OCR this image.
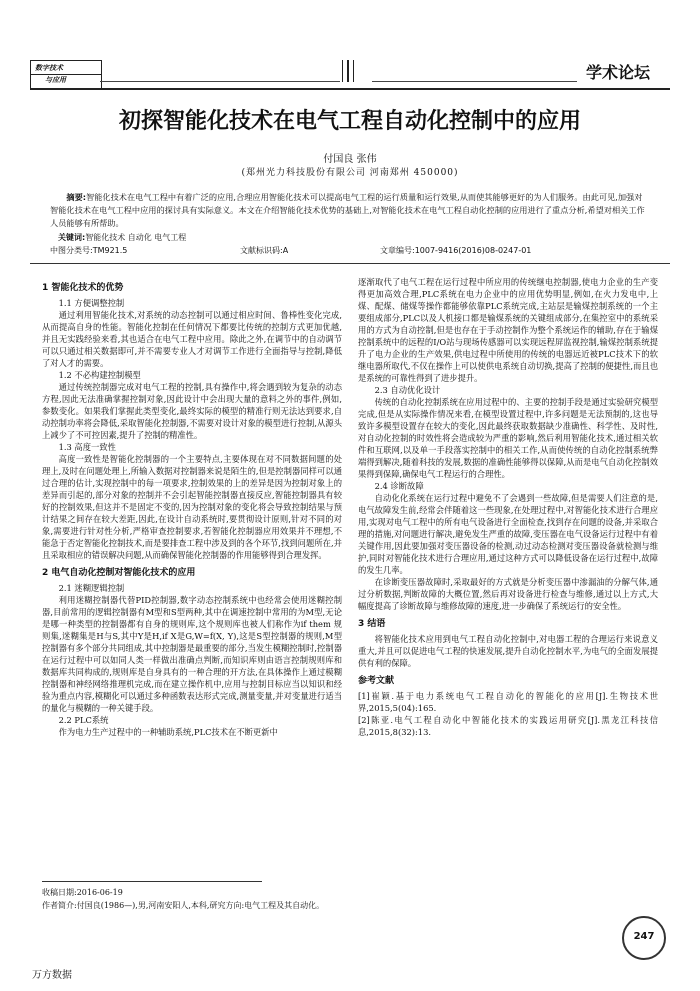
数字技术
与应用	学术论坛
初探智能化技术在电气工程自动化控制中的应用
付国良 张伟
(郑州光力科技股份有限公司 河南郑州 450000)
摘要:智能化技术在电气工程中有着广泛的应用,合理应用智能化技术可以提高电气工程的运行质量和运行效果,从而使其能够更好的为人们服务。由此可见,加强对智能化技术在电气工程中应用的探讨具有实际意义。本文在介绍智能化技术优势的基础上,对智能化技术在电气工程自动化控制的应用进行了重点分析,希望对相关工作人员能够有所帮助。
关键词:智能化技术 自动化 电气工程
中图分类号:TM921.5	文献标识码:A	文章编号:1007-9416(2016)08-0247-01

1 智能化技术的优势

1.1 方便调整控制

通过利用智能化技术,对系统的动态控制可以通过相应时间、鲁棒性变化完成,从而提高自身的性能。智能化控制在任何情况下都要比传统的控制方式更加优越,并且无实践经验来看,其也适合在电气工程中应用。除此之外,在调节中的自动调节可以只通过相关数据即可,并不需要专业人才对调节工作进行全面指导与控制,降低了对人才的需要。

1.2 不必构建控制模型

通过传统控制器完成对电气工程的控制,具有操作中,将会遇到较为复杂的动态方程,因此无法准确掌握控制对象,因此设计中会出现大量的意料之外的事件,例如,参数变化。如果我们掌握此类型变化,最终实际的模型的精准行则无法达到要求,自动控制功率将会降低,采取智能化控制器,不需要对设计对象的模型进行控制,从源头上减少了不可控因素,提升了控制的精准性。

1.3 高度一致性

高度一致性是智能化控制器的一个主要特点,主要体现在对不同数据间题的处理上,及时在问题处理上,所输入数据对控制器来说是陌生的,但是控制器同样可以通过合理的估计,实现控制中的每一项要求,控制效果的上的差异是因为控制对象上的差异而引起的,部分对象的控制并不会引起智能控制器直接反应,智能控制器具有较好的控制效果,但这并不是固定不变的,因为控制对象的变化将会导致控制结果与预计结果之间存在较大差距,因此,在设计自动系统时,要贯彻设计原则,针对不同的对象,需要进行针对性分析,严格审查控制要求,若智能化控制器应用效果并不理想,不能急于否定智能化控制技术,而是要排查工程中涉及到的各个环节,找到问题所在,并且采取相应的错误解决问题,从而确保智能化控制器的作用能够得到合理发挥。

2 电气自动化控制对智能化技术的应用

2.1 迷糊逻辑控制

利用迷糊控制器代替PID控制器,数字动态控制系统中也经常会使用迷糊控制器,目前常用的逻辑控制器有M型和S型两种,其中在调速控制中常用的为M型,无论是哪一种类型的控制器都有自身的规则库,这个规则库也被人们称作为if them 规则集,迷糊集是H与S,其中Y是H,if X是G,W=f(X, Y),这是S型控制器的规则,M型控制器有多个部分共同组成,其中控制器是最重要的部分,当发生模糊控制时,控制器在运行过程中可以如同人类一样做出准确点判断,而知识库则由语言控制规则库和数据库共同构成的,规则库是自身具有的一种合理的开方法,在具体操作上通过模糊控制器和神经网络推理机完成,而在建立操作机中,应用与控制目标应当以知识和经验为重点内容,模糊化可以通过多种函数表达形式完成,测量变量,并对变量进行适当的量化与模糊的一种关键手段。

2.2 PLC系统

作为电力生产过程中的一种辅助系统,PLC技术在不断更新中

逐渐取代了电气工程在运行过程中所应用的传统继电控制器,使电力企业的生产变得更加高效合理,PLC系统在电力企业中的应用优势明显,例如,在火力发电中,上煤、配煤、储煤等操作都能够依靠PLC系统完成,主站层是输煤控制系统的一个主要组成部分,PLC以及人机接口都是输煤系统的关键组成部分,在集控室中的系统采用的方式为自动控制,但是也存在于手动控制作为整个系统运作的辅助,存在于输煤控制系统中的远程的I/O站与现场传感器可以实现远程屏监视控制,输煤控制系统提升了电力企业的生产效果,供电过程中所使用的传统的电器远近被PLC技术下的软继电器所取代,不仅在操作上可以使供电系统自动切换,提高了控制的便捷性,而且也是系统的可靠性得到了进步提升。

2.3 自动优化设计

传统的自动化控制系统在应用过程中的、主要的控制手段是通过实验研究模型完成,但是从实际操作情况来看,在模型设置过程中,许多问题是无法预制的,这也导致许多模型设置存在较大的变化,因此最终获取数据缺少准确性、科学性、及时性,对自动化控制的时效性将会造成较为严重的影响,然后利用智能化技术,通过相关软件和互联网,以及单一手段落实控制中的相关工作,从而使传统的自动化控制系统弊端得到解决,随着科技的发展,数据的准确性能够得以保障,从而是电气自动化控制效果得到保障,确保电气工程运行的合理性。

2.4 诊断故障

自动化化系统在运行过程中避免不了会遇到一些故障,但是需要人们注意的是,电气故障发生前,经常会伴随着这一些现象,在处理过程中,对智能化技术进行合理应用,实现对电气工程中的所有电气设备进行全面检查,找到存在问题的设备,并采取合理的措施,对问题进行解决,避免发生严重的故障,变压器在电气设备运行过程中有着关键作用,因此要加强对变压器设备的检测,动过动态检测对变压器设备就检测与维护,同时对智能化技术进行合理应用,通过这种方式可以降低设备在运行过程中,故障的发生几率。

在诊断变压器故障时,采取最好的方式就是分析变压器中渗漏油的分解气体,通过分析数据,判断故障的大概位置,然后再对设备进行检查与维修,通过以上方式,大幅度提高了诊断故障与维修故障的速度,进一步确保了系统运行的安全性。

3 结语

将智能化技术应用到电气工程自动化控制中,对电器工程的合理运行来说意义重大,并且可以促进电气工程的快速发展,提升自动化控制水平,为电气的全面发展提供有利的保障。

参考文献

[1]崔颖.基于电力系统电气工程自动化的智能化的应用[J].生物技术世界,2015,5(04):165.

[2]陈亚.电气工程自动化中智能化技术的实践运用研究[J].黑龙江科技信息,2015,8(32):13.

收稿日期:2016-06-19
作者简介:付国良(1986—),男,河南安阳人,本科,研究方向:电气工程及其自动化。
247
万方数据
